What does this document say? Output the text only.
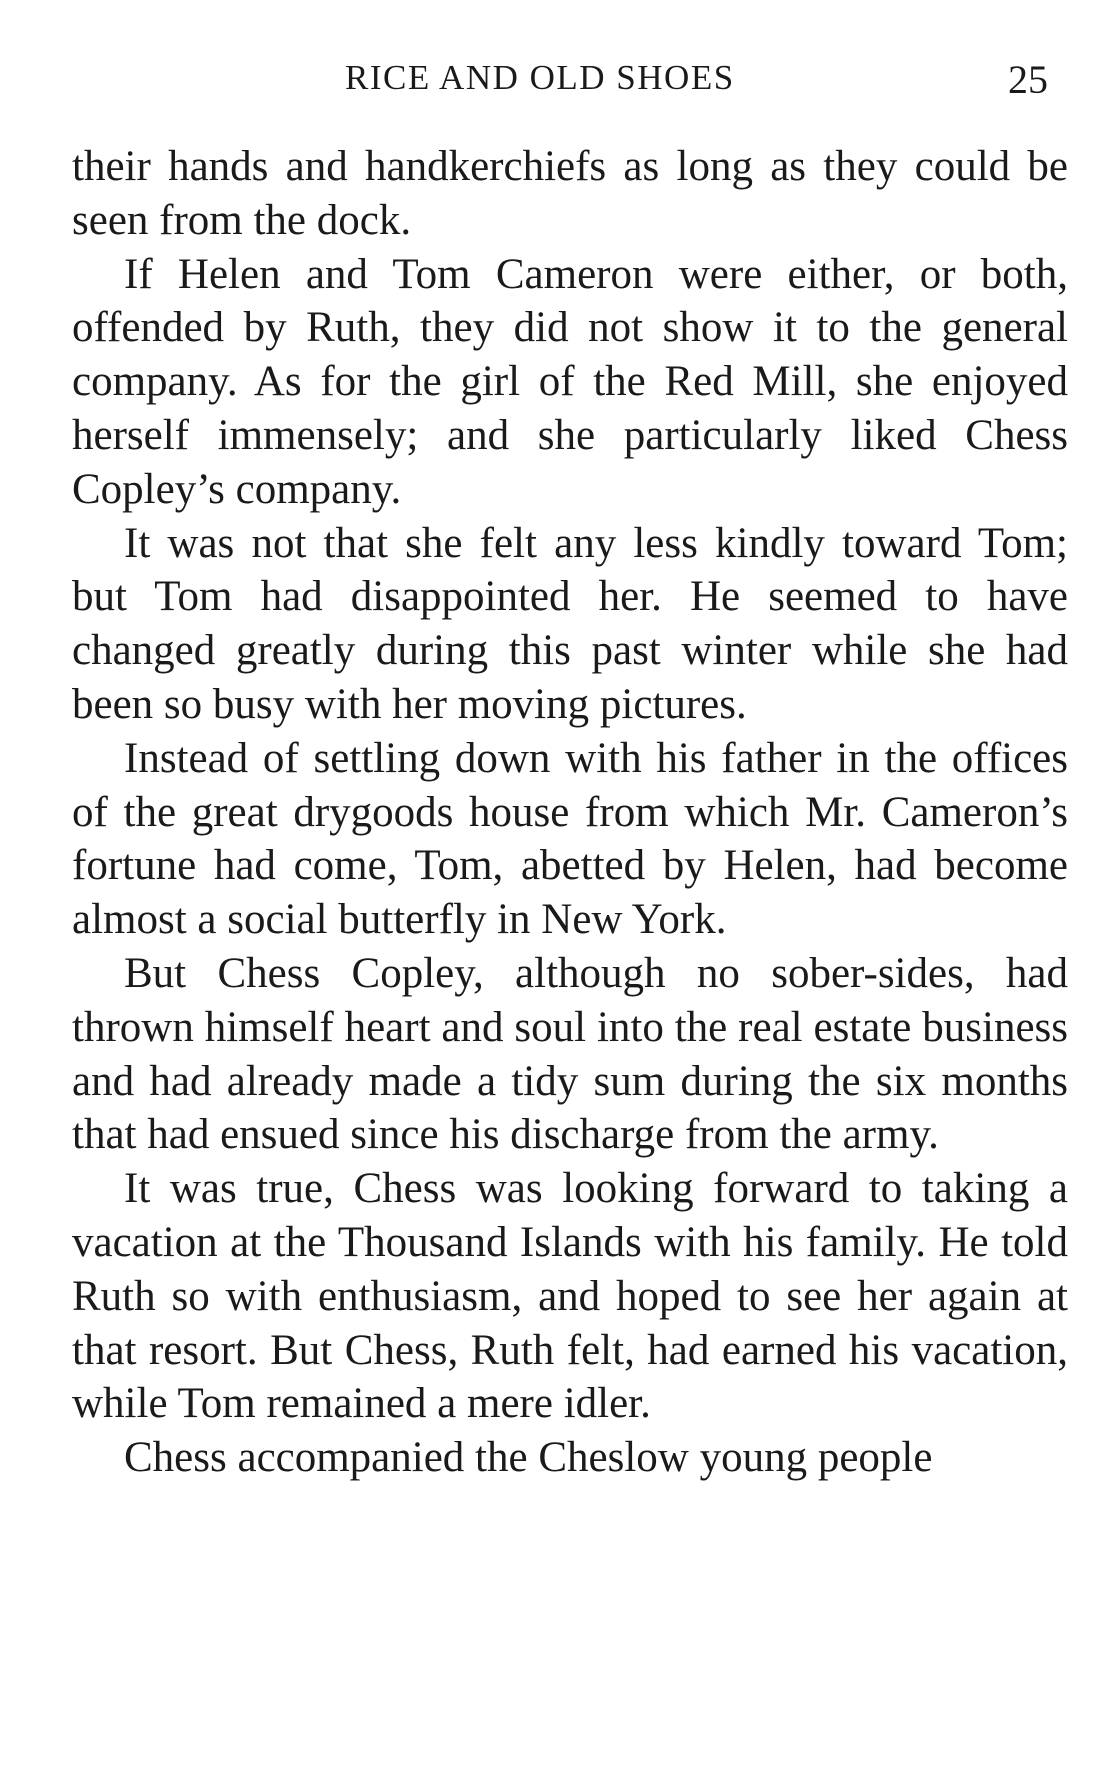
RICE AND OLD SHOES	25

their hands and handkerchiefs as long as they could be seen from the dock.

If Helen and Tom Cameron were either, or both, offended by Ruth, they did not show it to the general company. As for the girl of the Red Mill, she enjoyed herself immensely; and she particularly liked Chess Copley’s company.

It was not that she felt any less kindly toward Tom; but Tom had disappointed her. He seemed to have changed greatly during this past winter while she had been so busy with her moving pictures.

Instead of settling down with his father in the offices of the great drygoods house from which Mr. Cameron’s fortune had come, Tom, abetted by Helen, had become almost a social butterfly in New York.

But Chess Copley, although no sober-sides, had thrown himself heart and soul into the real estate business and had already made a tidy sum during the six months that had ensued since his discharge from the army.

It was true, Chess was looking forward to taking a vacation at the Thousand Islands with his family. He told Ruth so with enthusiasm, and hoped to see her again at that resort. But Chess, Ruth felt, had earned his vacation, while Tom remained a mere idler.

Chess accompanied the Cheslow young people
